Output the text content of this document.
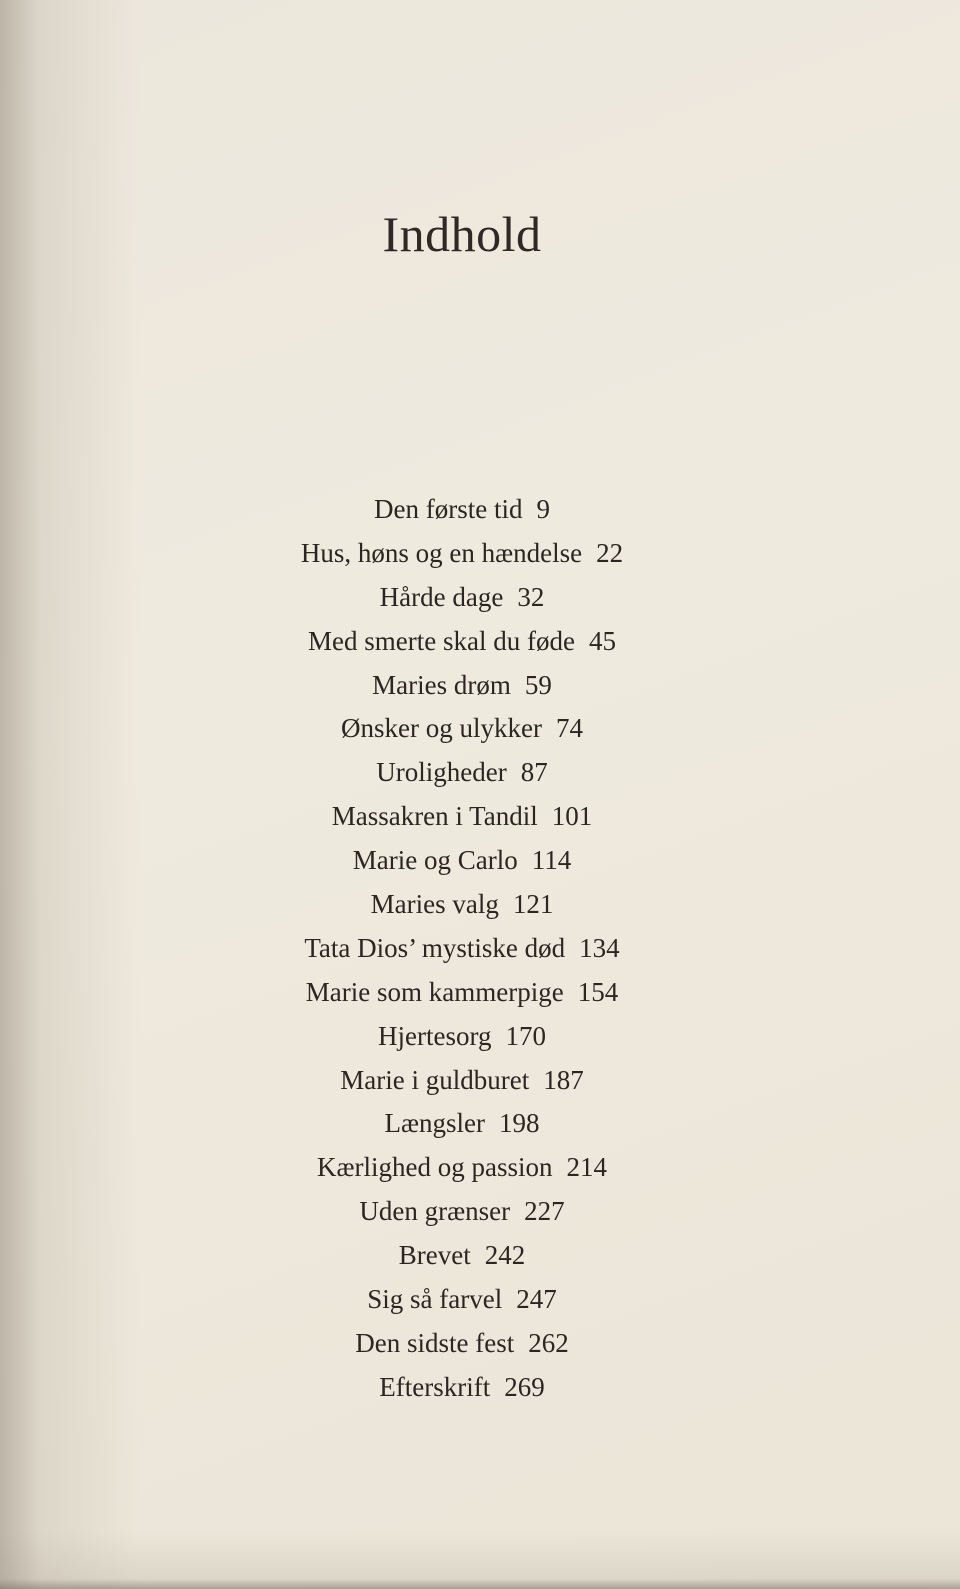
Indhold
Den første tid 9
Hus, høns og en hændelse 22
Hårde dage 32
Med smerte skal du føde 45
Maries drøm 59
Ønsker og ulykker 74
Uroligheder 87
Massakren i Tandil 101
Marie og Carlo 114
Maries valg 121
Tata Dios’ mystiske død 134
Marie som kammerpige 154
Hjertesorg 170
Marie i guldburet 187
Længsler 198
Kærlighed og passion 214
Uden grænser 227
Brevet 242
Sig så farvel 247
Den sidste fest 262
Efterskrift 269
